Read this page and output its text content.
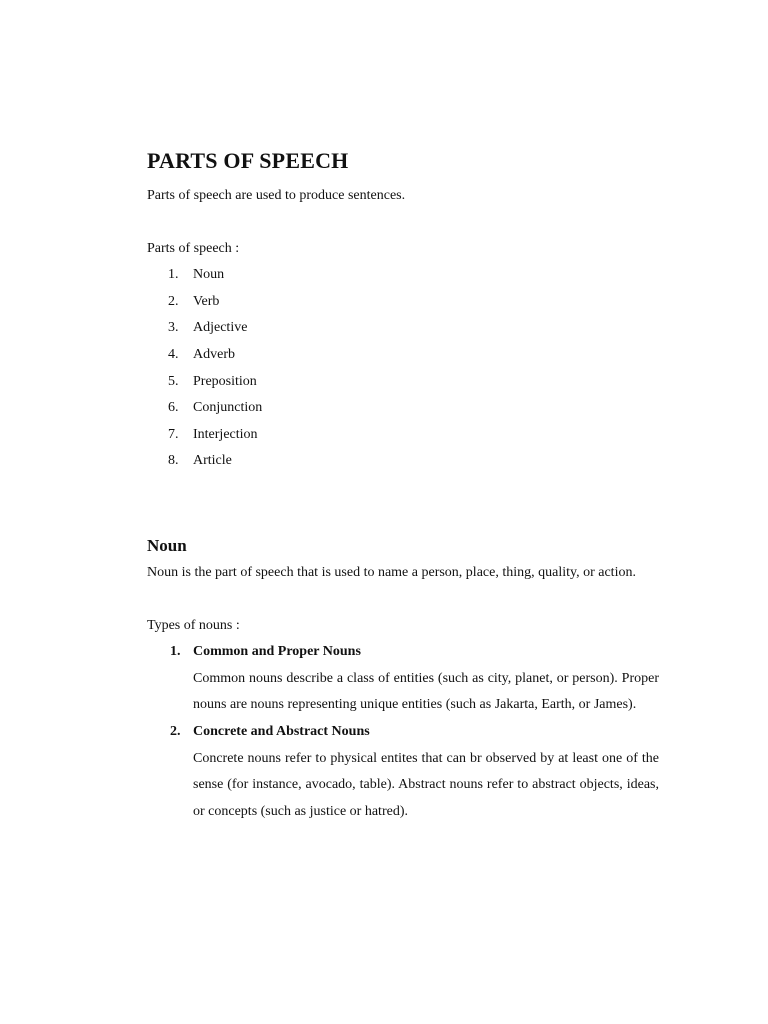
PARTS OF SPEECH

Parts of speech are used to produce sentences.

Parts of speech :

1.	Noun
2.	Verb
3.	Adjective
4.	Adverb
5.	Preposition
6.	Conjunction
7.	Interjection
8.	Article
Noun

Noun is the part of speech that is used to name a person, place, thing, quality, or action.

Types of nouns :

1. Common and Proper Nouns
Common nouns describe a class of entities (such as city, planet, or person). Proper nouns are nouns representing unique entities (such as Jakarta, Earth, or James).
2. Concrete and Abstract Nouns
Concrete nouns refer to physical entites that can br observed by at least one of the sense (for instance, avocado, table). Abstract nouns refer to abstract objects, ideas, or concepts (such as justice or hatred).
